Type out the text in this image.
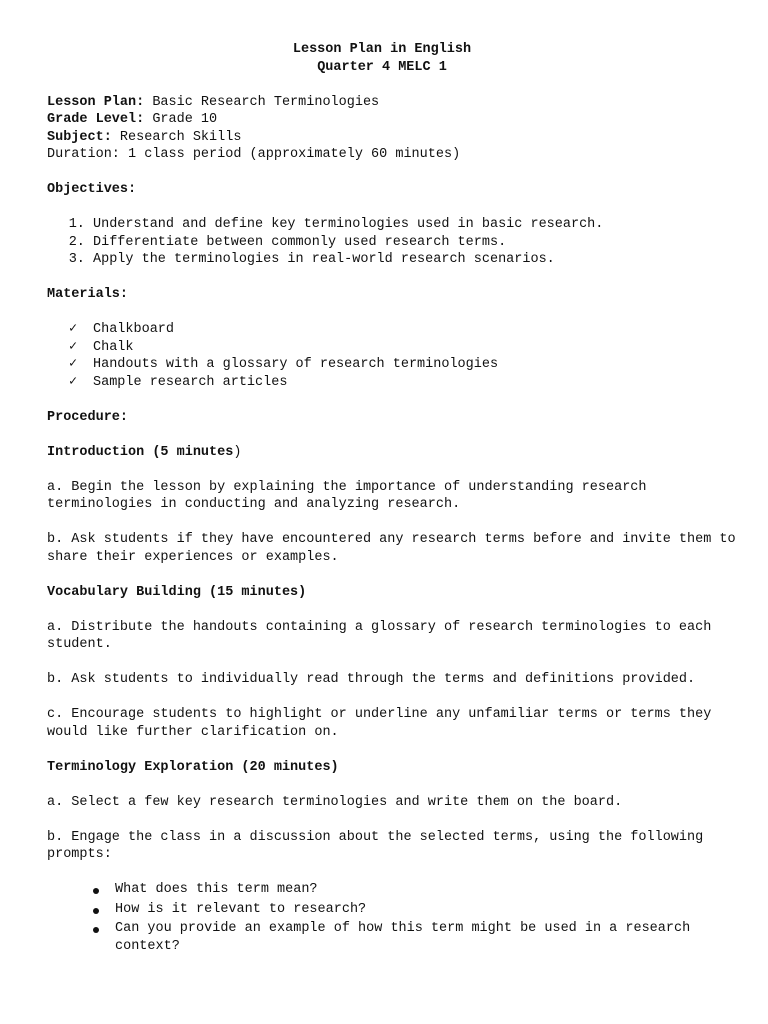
Lesson Plan in English

Quarter 4 MELC 1

Lesson Plan: Basic Research Terminologies

Grade Level: Grade 10

Subject: Research Skills

Duration: 1 class period (approximately 60 minutes)

Objectives:

1. Understand and define key terminologies used in basic research.
2. Differentiate between commonly used research terms.
3. Apply the terminologies in real-world research scenarios.

Materials:

✓ Chalkboard
✓ Chalk
✓ Handouts with a glossary of research terminologies
✓ Sample research articles

Procedure:

Introduction (5 minutes)

a. Begin the lesson by explaining the importance of understanding research terminologies in conducting and analyzing research.

b. Ask students if they have encountered any research terms before and invite them to share their experiences or examples.

Vocabulary Building (15 minutes)

a. Distribute the handouts containing a glossary of research terminologies to each student.

b. Ask students to individually read through the terms and definitions provided.

c. Encourage students to highlight or underline any unfamiliar terms or terms they would like further clarification on.

Terminology Exploration (20 minutes)

a. Select a few key research terminologies and write them on the board.

b. Engage the class in a discussion about the selected terms, using the following prompts:

What does this term mean?
How is it relevant to research?
Can you provide an example of how this term might be used in a research context?
